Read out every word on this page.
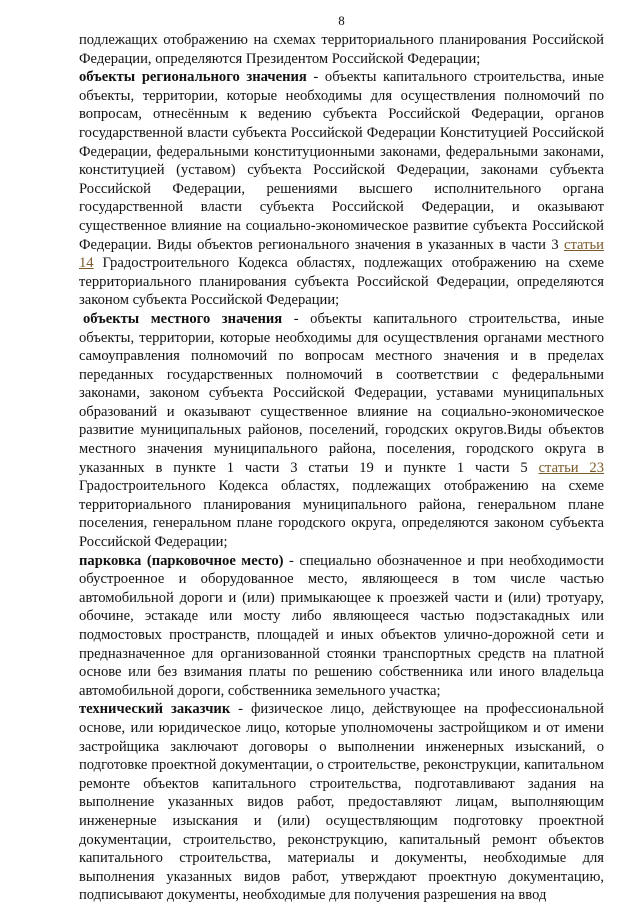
8

подлежащих отображению на схемах территориального планирования Российской Федерации, определяются Президентом Российской Федерации;

объекты регионального значения - объекты капитального строительства, иные объекты, территории, которые необходимы для осуществления полномочий по вопросам, отнесённым к ведению субъекта Российской Федерации, органов государственной власти субъекта Российской Федерации Конституцией Российской Федерации, федеральными конституционными законами, федеральными законами, конституцией (уставом) субъекта Российской Федерации, законами субъекта Российской Федерации, решениями высшего исполнительного органа государственной власти субъекта Российской Федерации, и оказывают существенное влияние на социально-экономическое развитие субъекта Российской Федерации. Виды объектов регионального значения в указанных в части 3 статьи 14 Градостроительного Кодекса областях, подлежащих отображению на схеме территориального планирования субъекта Российской Федерации, определяются законом субъекта Российской Федерации;

объекты местного значения - объекты капитального строительства, иные объекты, территории, которые необходимы для осуществления органами местного самоуправления полномочий по вопросам местного значения и в пределах переданных государственных полномочий в соответствии с федеральными законами, законом субъекта Российской Федерации, уставами муниципальных образований и оказывают существенное влияние на социально-экономическое развитие муниципальных районов, поселений, городских округов.Виды объектов местного значения муниципального района, поселения, городского округа в указанных в пункте 1 части 3 статьи 19 и пункте 1 части 5 статьи 23 Градостроительного Кодекса областях, подлежащих отображению на схеме территориального планирования муниципального района, генеральном плане поселения, генеральном плане городского округа, определяются законом субъекта Российской Федерации;

парковка (парковочное место) - специально обозначенное и при необходимости обустроенное и оборудованное место, являющееся в том числе частью автомобильной дороги и (или) примыкающее к проезжей части и (или) тротуару, обочине, эстакаде или мосту либо являющееся частью подэстакадных или подмостовых пространств, площадей и иных объектов улично-дорожной сети и предназначенное для организованной стоянки транспортных средств на платной основе или без взимания платы по решению собственника или иного владельца автомобильной дороги, собственника земельного участка;

технический заказчик - физическое лицо, действующее на профессиональной основе, или юридическое лицо, которые уполномочены застройщиком и от имени застройщика заключают договоры о выполнении инженерных изысканий, о подготовке проектной документации, о строительстве, реконструкции, капитальном ремонте объектов капитального строительства, подготавливают задания на выполнение указанных видов работ, предоставляют лицам, выполняющим инженерные изыскания и (или) осуществляющим подготовку проектной документации, строительство, реконструкцию, капитальный ремонт объектов капитального строительства, материалы и документы, необходимые для выполнения указанных видов работ, утверждают проектную документацию, подписывают документы, необходимые для получения разрешения на ввод
